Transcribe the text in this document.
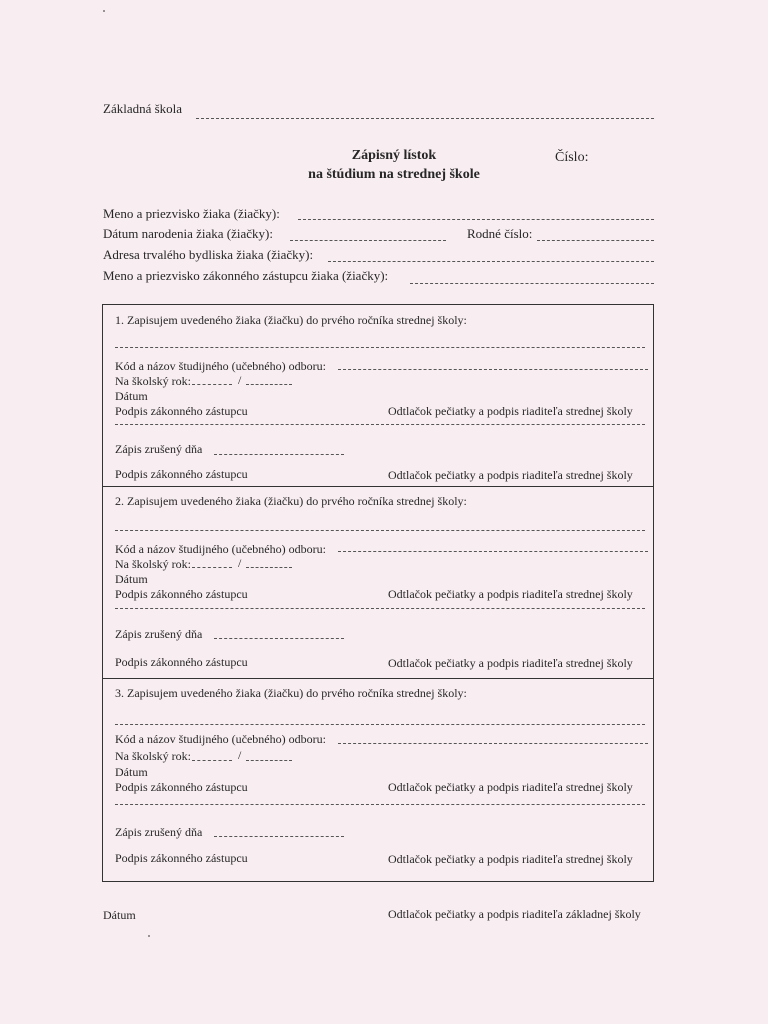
Základná škola
Zápisný lístok
na štúdium na strednej škole
Číslo:
Meno a priezvisko žiaka (žiačky):
Dátum narodenia žiaka (žiačky):	Rodné číslo:
Adresa trvalého bydliska žiaka (žiačky):
Meno a priezvisko zákonného zástupcu žiaka (žiačky):
1. Zapisujem uvedeného žiaka (žiačku) do prvého ročníka strednej školy:
Kód a názov študijného (učebného) odboru:
Na školský rok:	/
Dátum
Podpis zákonného zástupcu	Odtlačok pečiatky a podpis riaditeľa strednej školy
Zápis zrušený dňa
Podpis zákonného zástupcu	Odtlačok pečiatky a podpis riaditeľa strednej školy
2. Zapisujem uvedeného žiaka (žiačku) do prvého ročníka strednej školy:
Kód a názov študijného (učebného) odboru:
Na školský rok:	/
Dátum
Podpis zákonného zástupcu	Odtlačok pečiatky a podpis riaditeľa strednej školy
Zápis zrušený dňa
Podpis zákonného zástupcu	Odtlačok pečiatky a podpis riaditeľa strednej školy
3. Zapisujem uvedeného žiaka (žiačku) do prvého ročníka strednej školy:
Kód a názov študijného (učebného) odboru:
Na školský rok:	/
Dátum
Podpis zákonného zástupcu	Odtlačok pečiatky a podpis riaditeľa strednej školy
Zápis zrušený dňa
Podpis zákonného zástupcu	Odtlačok pečiatky a podpis riaditeľa strednej školy
Dátum	Odtlačok pečiatky a podpis riaditeľa základnej školy
